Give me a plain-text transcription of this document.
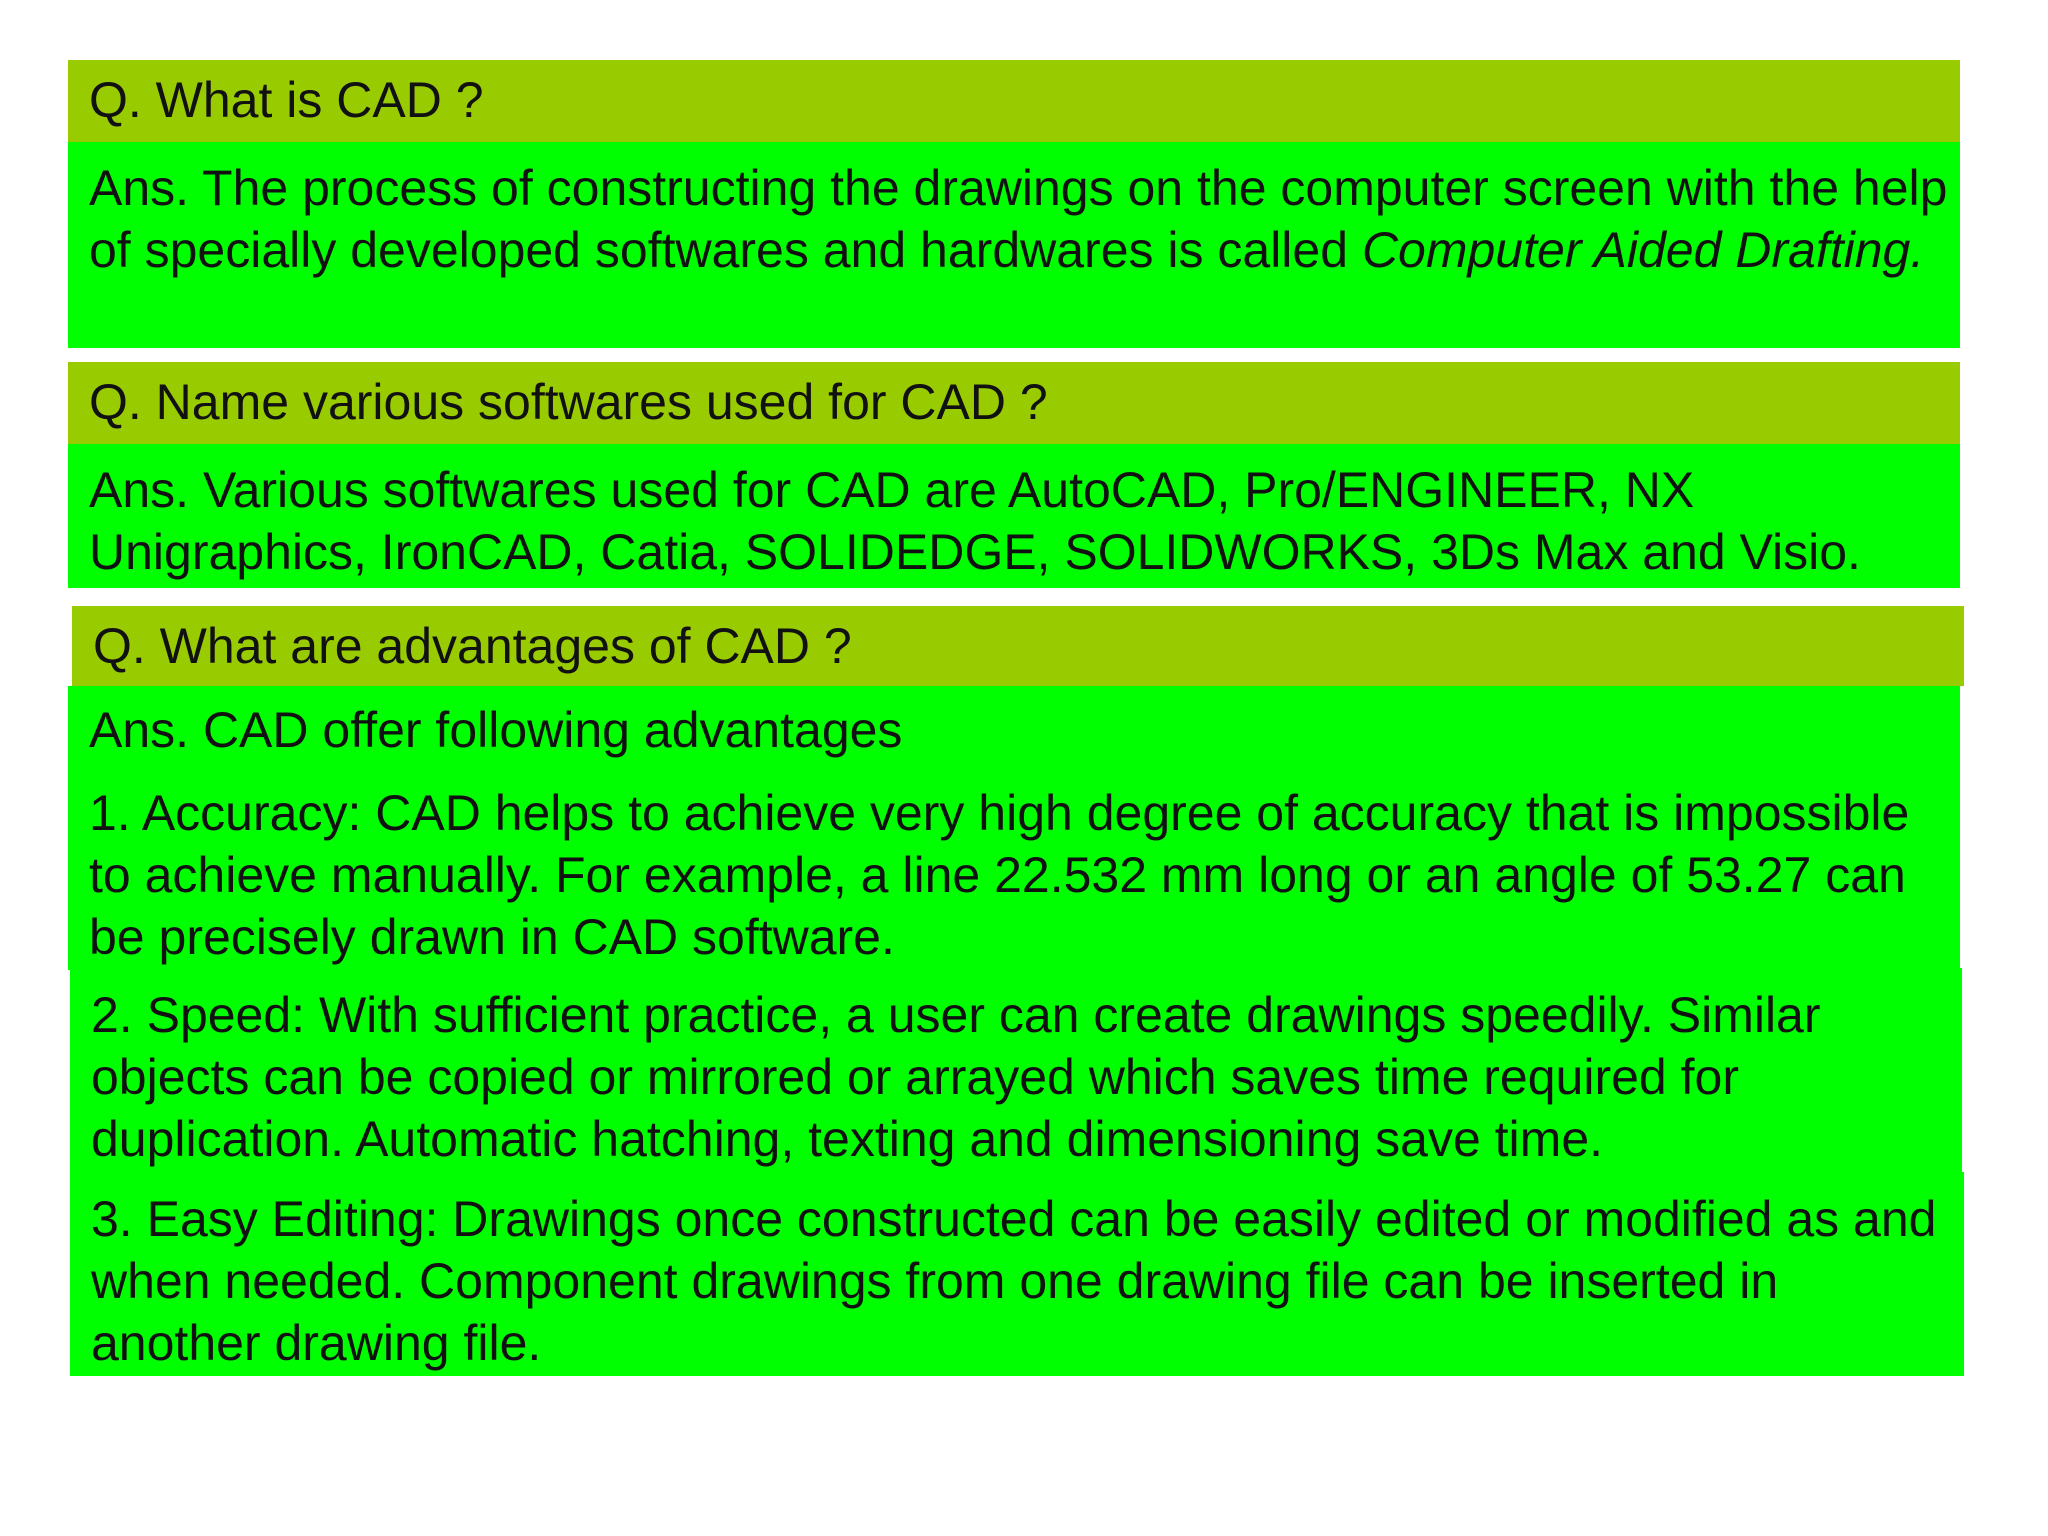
Q. What is CAD ?
Ans. The process of constructing the drawings on the computer screen with the help of specially developed softwares and hardwares is called Computer Aided Drafting.
Q. Name various softwares used for CAD ?
Ans. Various softwares used for CAD are AutoCAD, Pro/ENGINEER, NX Unigraphics, IronCAD, Catia, SOLIDEDGE, SOLIDWORKS, 3Ds Max and Visio.
Q. What are advantages of CAD ?
Ans. CAD offer following advantages
1. Accuracy: CAD helps to achieve very high degree of accuracy that is impossible to achieve manually. For example, a line 22.532 mm long or an angle of 53.27 can be precisely drawn in CAD software.
2. Speed: With sufficient practice, a user can create drawings speedily. Similar objects can be copied or mirrored or arrayed which saves time required for duplication. Automatic hatching, texting and dimensioning save time.
3. Easy Editing: Drawings once constructed can be easily edited or modified as and when needed. Component drawings from one drawing file can be inserted in another drawing file.
